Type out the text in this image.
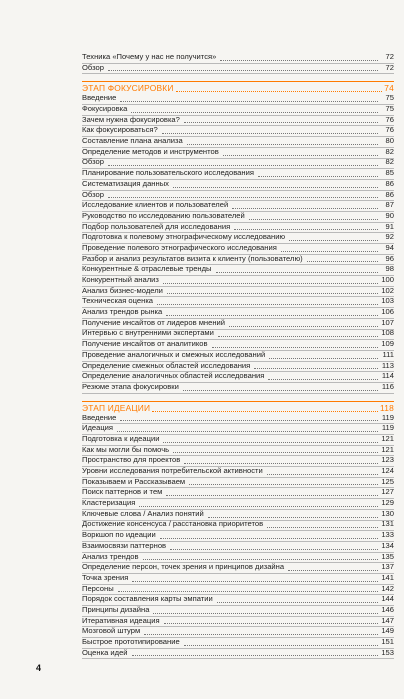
Техника «Почему у нас не получится»	72
Обзор	72
ЭТАП ФОКУСИРОВКИ	74
Введение	75
Фокусировка	75
Зачем нужна фокусировка?	76
Как фокусироваться?	76
Составление плана анализа	80
Определение методов и инструментов	82
Обзор	82
Планирование пользовательского исследования	85
Систематизация данных	86
Обзор	86
Исследование клиентов и пользователей	87
Руководство по исследованию пользователей	90
Подбор пользователей для исследования	91
Подготовка к полевому этнографическому исследованию	92
Проведение полевого этнографического исследования	94
Разбор и анализ результатов визита к клиенту (пользователю)	96
Конкурентные & отраслевые тренды	98
Конкурентный анализ	100
Анализ бизнес-модели	102
Техническая оценка	103
Анализ трендов рынка	106
Получение инсайтов от лидеров мнений	107
Интервью с внутренними экспертами	108
Получение инсайтов от аналитиков	109
Проведение аналогичных и смежных исследований	111
Определение смежных областей исследования	113
Определение аналогичных областей исследования	114
Резюме этапа фокусировки	116
ЭТАП ИДЕАЦИИ	118
Введение	119
Идеация	119
Подготовка к идеации	121
Как мы могли бы помочь	121
Пространство для проектов	123
Уровни исследования потребительской активности	124
Показываем и Рассказываем	125
Поиск паттернов и тем	127
Кластеризация	129
Ключевые слова / Анализ понятий	130
Достижение консенсуса / расстановка приоритетов	131
Воркшоп по идеации	133
Взаимосвязи паттернов	134
Анализ трендов	135
Определение персон, точек зрения и принципов дизайна	137
Точка зрения	141
Персоны	142
Порядок составления карты эмпатии	144
Принципы дизайна	146
Итеративная идеация	147
Мозговой штурм	149
Быстрое прототипирование	151
Оценка идей	153
4
